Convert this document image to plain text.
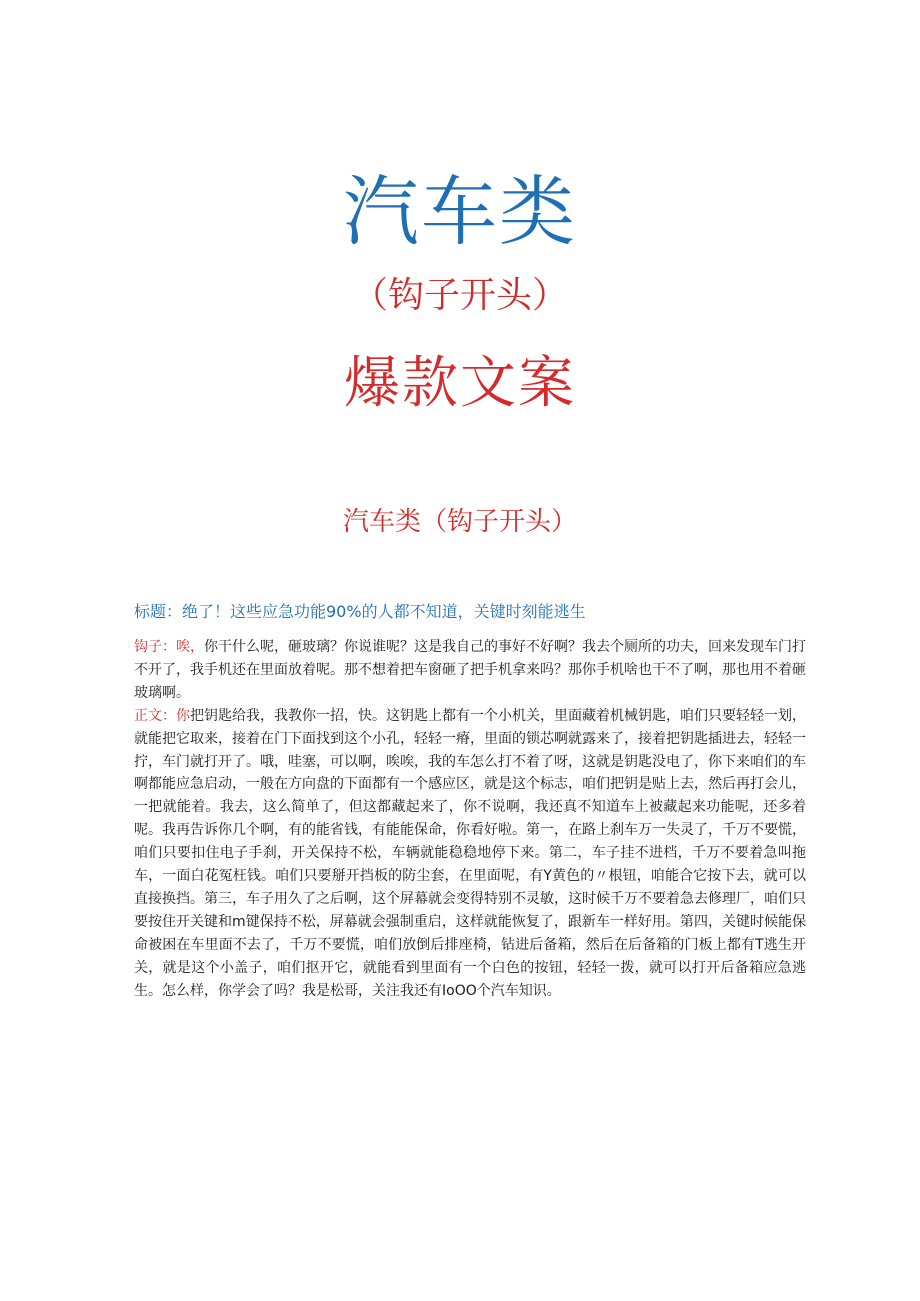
汽车类
（钩子开头）
爆款文案
汽车类（钩子开头）
标题：绝了！这些应急功能90%的人都不知道，关键时刻能逃生

钩子：唉，你干什么呢，砸玻璃？你说谁呢？这是我自己的事好不好啊？我去个厕所的功夫，回来发现车门打不开了，我手机还在里面放着呢。那不想着把车窗砸了把手机拿来吗？那你手机啥也干不了啊，那也用不着砸玻璃啊。

正文：你把钥匙给我，我教你一招，快。这钥匙上都有一个小机关，里面藏着机械钥匙，咱们只要轻轻一划，就能把它取来，接着在门下面找到这个小孔，轻轻一瘠，里面的锁芯啊就露来了，接着把钥匙插进去，轻轻一拧，车门就打开了。哦，哇塞，可以啊，唉唉，我的车怎么打不着了呀，这就是钥匙没电了，你下来咱们的车啊都能应急启动，一般在方向盘的下面都有一个感应区，就是这个标志，咱们把钥是贴上去，然后再打会儿，一把就能着。我去，这么简单了，但这都藏起来了，你不说啊，我还真不知道车上被藏起来功能呢，还多着呢。我再告诉你几个啊，有的能省钱，有能能保命，你看好啦。第一，在路上刹车万一失灵了，千万不要慌，咱们只要扣住电子手刹，开关保持不松，车辆就能稳稳地停下来。第二，车子挂不进档，千万不要着急叫拖车，一面白花冤枉钱。咱们只要掰开挡板的防尘套，在里面呢，有Y黄色的〃根钮，咱能合它按下去，就可以直接换挡。第三，车子用久了之后啊，这个屏幕就会变得特别不灵敏，这时候千万不要着急去修理厂，咱们只要按住开关键和m键保持不松，屏幕就会强制重启，这样就能恢复了，跟新车一样好用。第四，关键时候能保命被困在车里面不去了，千万不要慌，咱们放倒后排座椅，钻进后备箱，然后在后备箱的门板上都有T逃生开关，就是这个小盖子，咱们抠开它，就能看到里面有一个白色的按钮，轻轻一拨，就可以打开后备箱应急逃生。怎么样，你学会了吗？我是松哥，关注我还有IoOO个汽车知识。
